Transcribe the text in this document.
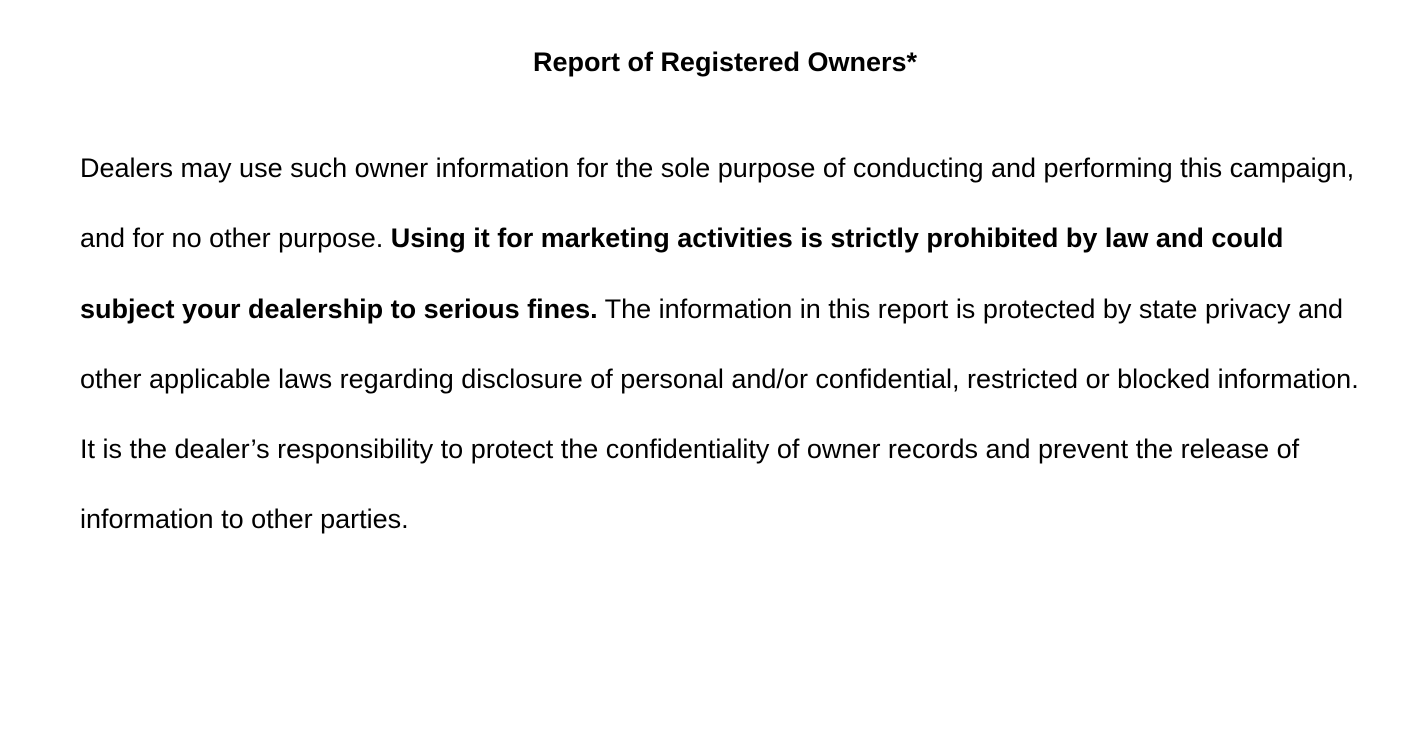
Report of Registered Owners*

Dealers may use such owner information for the sole purpose of conducting and performing this campaign, and for no other purpose. Using it for marketing activities is strictly prohibited by law and could subject your dealership to serious fines. The information in this report is protected by state privacy and other applicable laws regarding disclosure of personal and/or confidential, restricted or blocked information. It is the dealer’s responsibility to protect the confidentiality of owner records and prevent the release of information to other parties.
